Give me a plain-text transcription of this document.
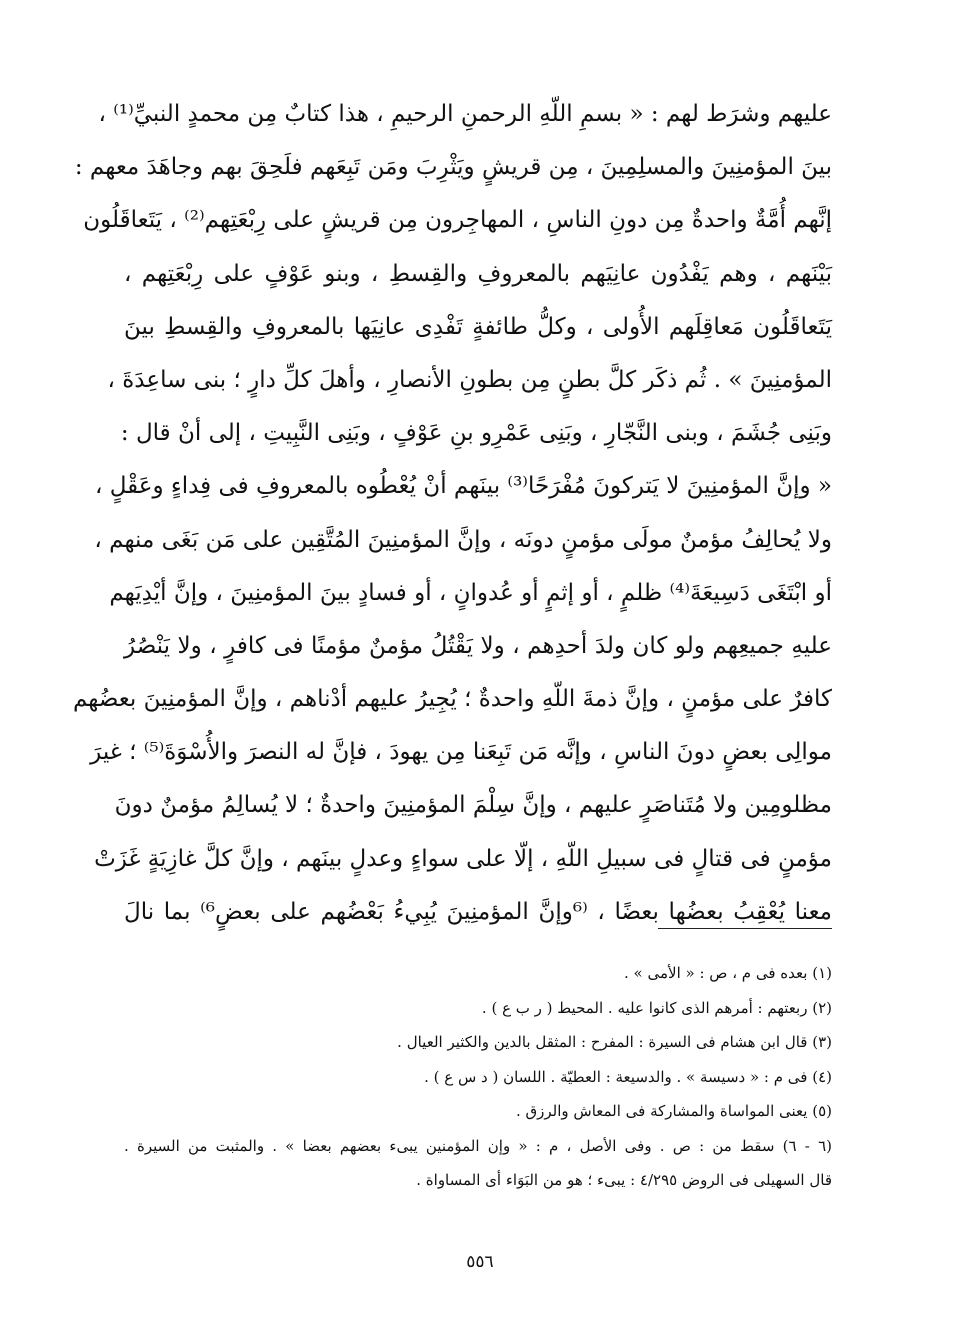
عليهم وشرَط لهم : « بسمِ اللّهِ الرحمنِ الرحيمِ ، هذا كتابٌ مِن محمدٍ النبيِّ⁽¹⁾ ،
بينَ المؤمنِينَ والمسلِمِينَ ، مِن قريشٍ ويَثْرِبَ ومَن تَبِعَهم فلَحِقَ بهم وجاهَدَ معهم :
إنَّهم أُمَّةٌ واحدةٌ مِن دونِ الناسِ ، المهاجِرون مِن قريشٍ على رِبْعَتِهم⁽²⁾ ، يَتَعاقَلُون
بَيْنَهم ، وهم يَفْدُون عانِيَهم بالمعروفِ والقِسطِ ، وبنو عَوْفٍ على رِبْعَتِهم ،
يَتَعاقَلُون مَعاقِلَهم الأُولى ، وكلُّ طائفةٍ تَفْدِى عانِيَها بالمعروفِ والقِسطِ بينَ
المؤمنِينَ » . ثُم ذكَر كلَّ بطنٍ مِن بطونِ الأنصارِ ، وأهلَ كلِّ دارٍ ؛ بنى ساعِدَةَ ،
وبَنِى جُشَمَ ، وبنى النَّجّارِ ، وبَنِى عَمْرِو بنِ عَوْفٍ ، وبَنِى النَّبِيتِ ، إلى أنْ قال :
« وإنَّ المؤمنِينَ لا يَتركونَ مُفْرَحًا⁽³⁾ بينَهم أنْ يُعْطُوه بالمعروفِ فى فِداءٍ وعَقْلٍ ،
ولا يُحالِفُ مؤمنٌ مولَى مؤمنٍ دونَه ، وإنَّ المؤمنِينَ المُتَّقِين على مَن بَغَى منهم ،
أو ابْتَغَى دَسِيعَةَ⁽⁴⁾ ظلمٍ ، أو إثمٍ أو عُدوانٍ ، أو فسادٍ بينَ المؤمنِينَ ، وإنَّ أيْدِيَهم
عليهِ جميعِهم ولو كان ولدَ أحدِهم ، ولا يَقْتُلُ مؤمنٌ مؤمنًا فى كافرٍ ، ولا يَنْصُرُ
كافرٌ على مؤمنٍ ، وإنَّ ذمةَ اللّهِ واحدةٌ ؛ يُجِيرُ عليهم أدْناهم ، وإنَّ المؤمنِينَ بعضُهم
موالِى بعضٍ دونَ الناسِ ، وإنَّه مَن تَبِعَنا مِن يهودَ ، فإنَّ له النصرَ والأُسْوَةَ⁽⁵⁾ ؛ غيرَ
مظلومِين ولا مُتَناصَرٍ عليهم ، وإنَّ سِلْمَ المؤمنِينَ واحدةٌ ؛ لا يُسالِمُ مؤمنٌ دونَ
مؤمنٍ فى قتالٍ فى سبيلِ اللّهِ ، إلّا على سواءٍ وعدلٍ بينَهم ، وإنَّ كلَّ غازِيَةٍ غَزَتْ
معنا يُعْقِبُ بعضُها بعضًا ، ⁽⁶وإنَّ المؤمنِينَ يُبِيءُ بَعْضُهم على بعضٍ⁶⁾ بما نالَ
(١) بعده فى م ، ص : « الأمى » .
(٢) ربعتهم : أمرهم الذى كانوا عليه . المحيط ( ر ب ع ) .
(٣) قال ابن هشام فى السيرة : المفرح : المثقل بالدين والكثير العيال .
(٤) فى م : « دسيسة » . والدسيعة : العطيّة . اللسان ( د س ع ) .
(٥) يعنى المواساة والمشاركة فى المعاش والرزق .
(٦ - ٦) سقط من : ص . وفى الأصل ، م : « وإن المؤمنين يبىء بعضهم بعضا » . والمثبت من السيرة .
قال السهيلى فى الروض ٤/٢٩٥ : يبىء ؛ هو من البَوَاء أى المساواة .
٥٥٦
